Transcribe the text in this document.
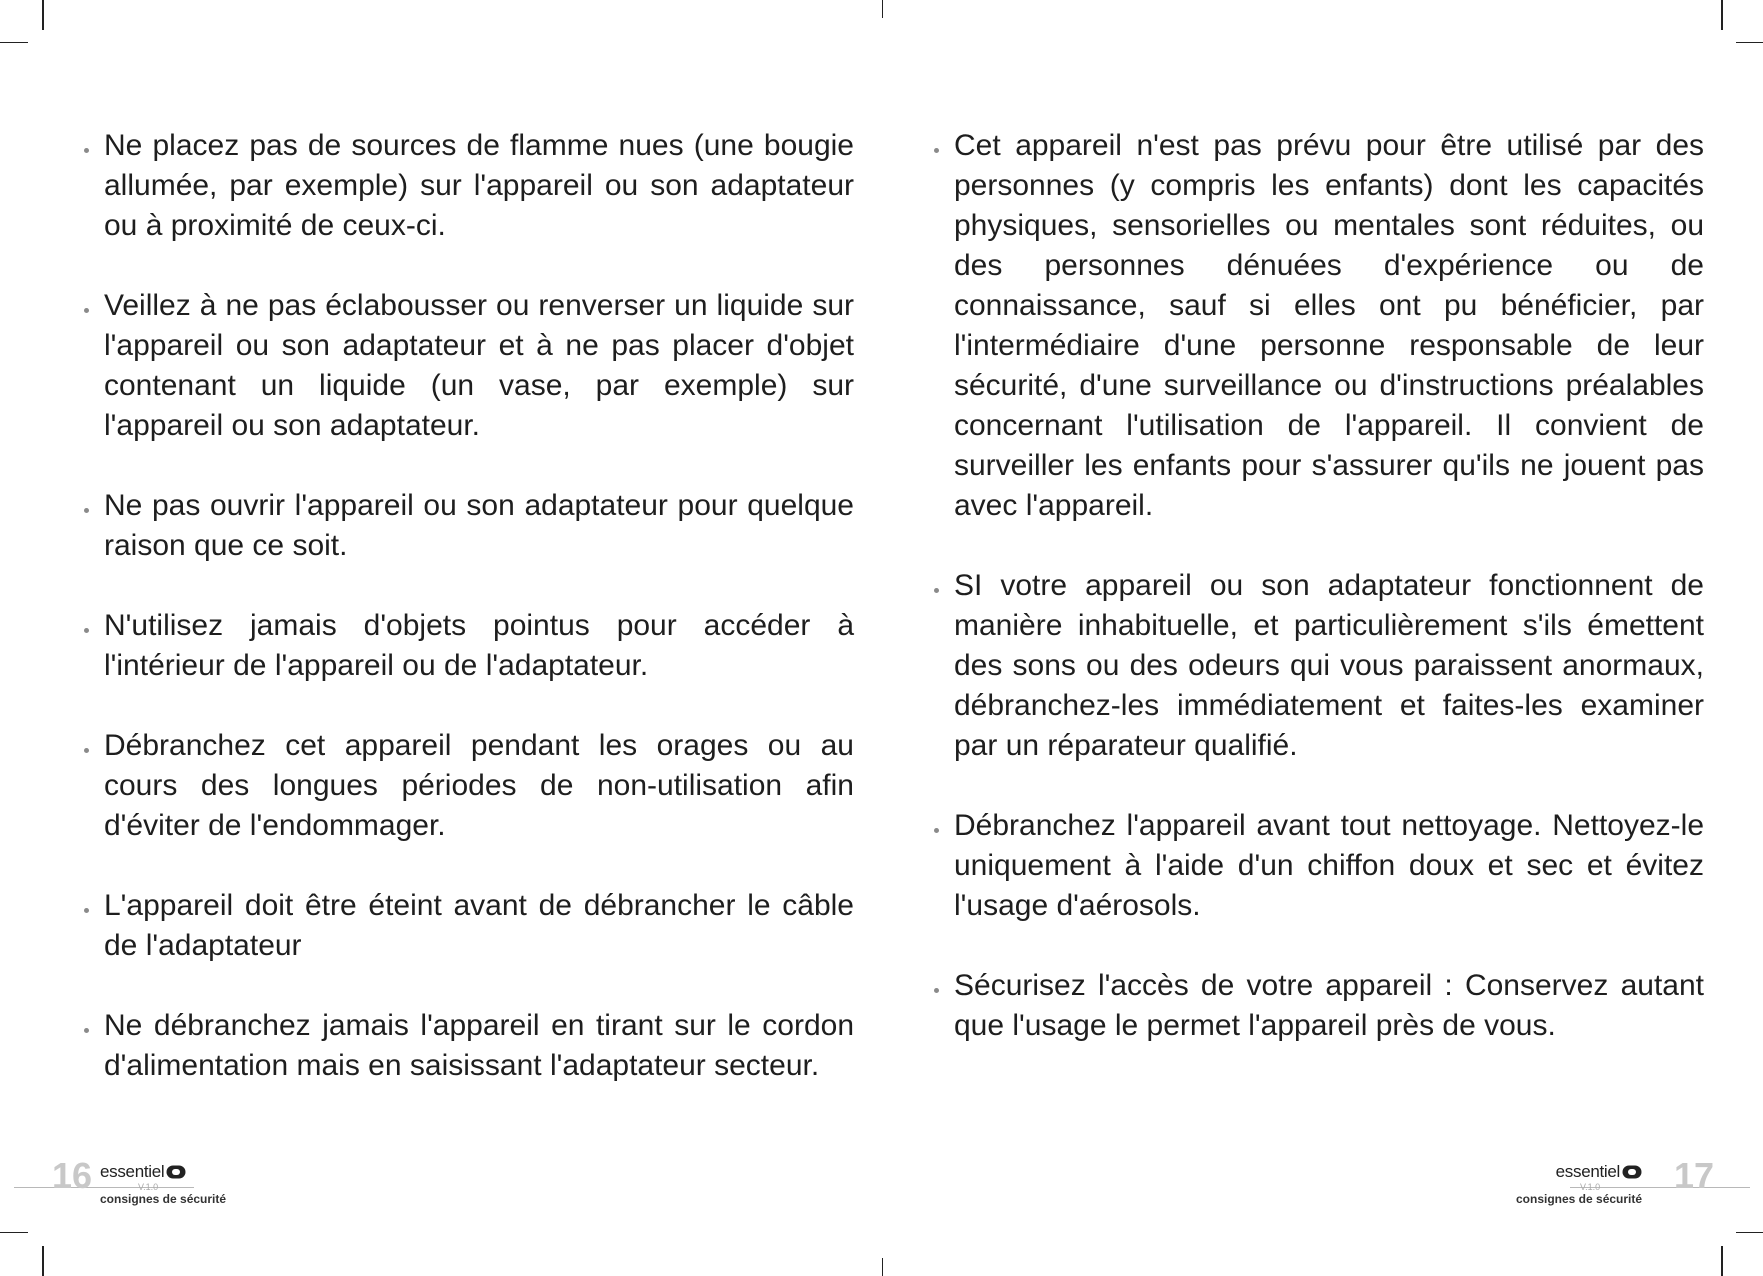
Ne placez pas de sources de flamme nues (une bougie allumée, par exemple) sur l'appareil ou son adaptateur ou à proximité de ceux-ci.
Veillez à ne pas éclabousser ou renverser un liquide sur l'appareil ou son adaptateur et à ne pas placer d'objet contenant un liquide (un vase, par exemple) sur l'appareil ou son adaptateur.
Ne pas ouvrir l'appareil ou son adaptateur pour quelque raison que ce soit.
N'utilisez jamais d'objets pointus pour accéder à l'intérieur de l'appareil ou de l'adaptateur.
Débranchez cet appareil pendant les orages ou au cours des longues périodes de non-utilisation afin d'éviter de l'endommager.
L'appareil doit être éteint avant de débrancher le câble de l'adaptateur
Ne débranchez jamais l'appareil en tirant sur le cordon d'alimentation mais en saisissant l'adaptateur secteur.
Cet appareil n'est pas prévu pour être utilisé par des personnes (y compris les enfants) dont les capacités physiques, sensorielles ou mentales sont réduites, ou des personnes dénuées d'expérience ou de connaissance, sauf si elles ont pu bénéficier, par l'intermédiaire d'une personne responsable de leur sécurité, d'une surveillance ou d'instructions préalables concernant l'utilisation de l'appareil. Il convient de surveiller les enfants pour s'assurer qu'ils ne jouent pas avec l'appareil.
SI votre appareil ou son adaptateur fonctionnent de manière inhabituelle, et particulièrement s'ils émettent des sons ou des odeurs qui vous paraissent anormaux, débranchez-les immédiatement et faites-les examiner par un réparateur qualifié.
Débranchez l'appareil avant tout nettoyage. Nettoyez-le uniquement à l'aide d'un chiffon doux et sec et évitez l'usage d'aérosols.
Sécurisez l'accès de votre appareil : Conservez autant que l'usage le permet l'appareil près de vous.
16 essentiel
V.1.0
consignes de sécurité
essentiel
V.1.0
consignes de sécurité
17
